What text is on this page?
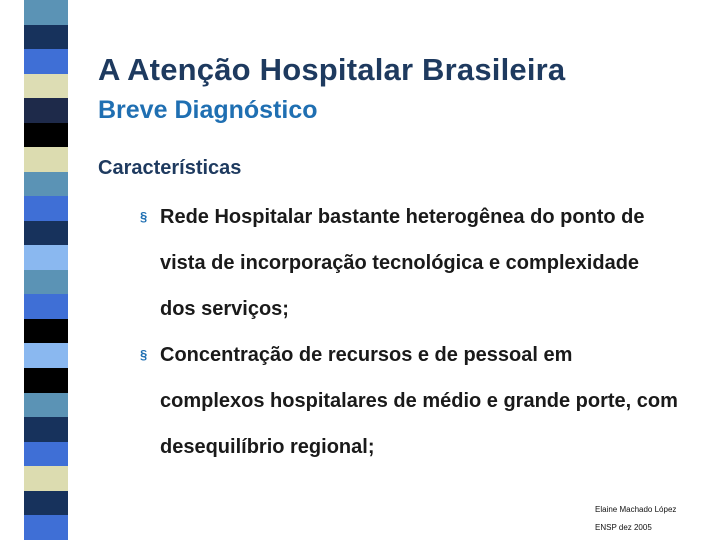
A Atenção Hospitalar Brasileira
Breve Diagnóstico
Características
§ Rede Hospitalar bastante heterogênea do ponto de vista de incorporação tecnológica e complexidade dos serviços;
§ Concentração de recursos e de pessoal em complexos hospitalares de médio e grande porte, com desequilíbrio regional;
Elaine Machado López
ENSP dez 2005
